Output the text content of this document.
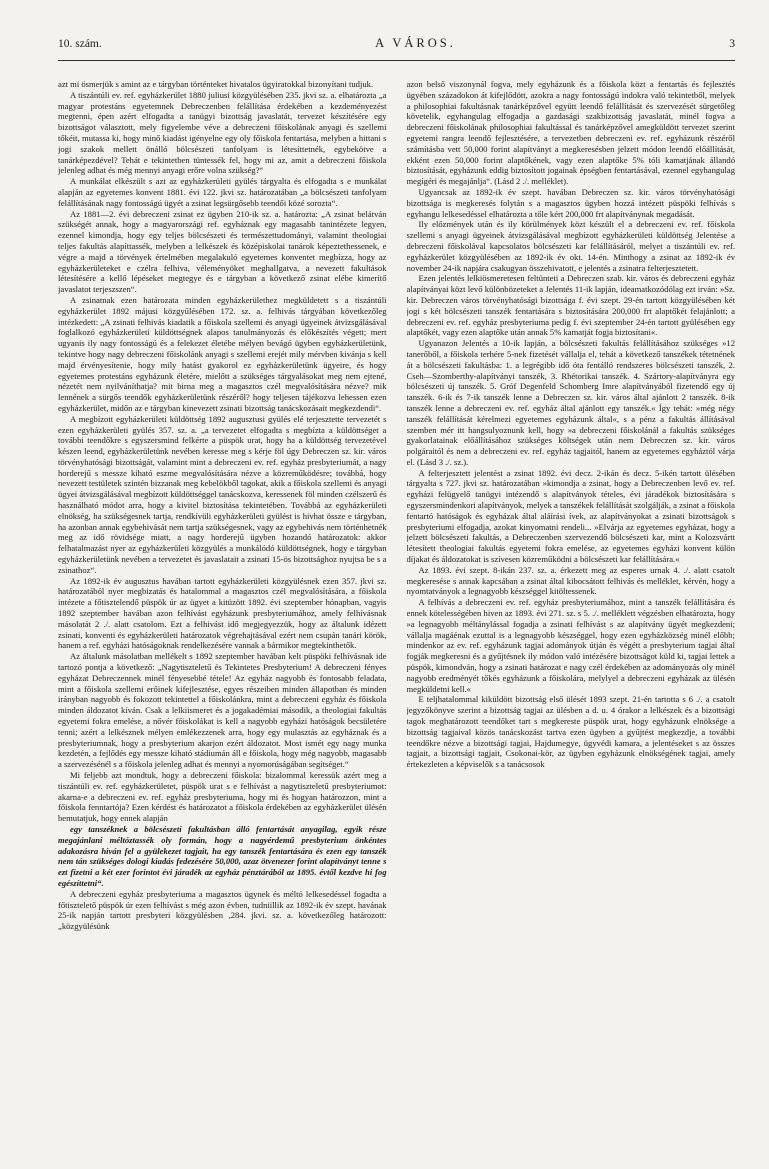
10. szám.	A VÁROS.	3

azt mi ösmerjük s amint az e tárgyban történteket hivatalos ügyiratokkal bizonyítani tudjuk.

A tiszántúli ev. ref. egyházkerület 1880 juliusi közgyülésében 235. jkvi sz. a. elhatározta „a magyar protestáns egyetemnek Debreczenben felállítása érdekében a kezdeményezést megtenni, épen azért elfogadta a tanügyi bizottság javaslatát, tervezet készítésére egy bizottságot választott, mely figyelembe véve a debreczeni főiskolának anyagi és szellemi tőkéit, mutassa ki, hogy minő kiadást igényelne egy oly főiskola fentartása, melyben a hittani s jogi szakok mellett önálló bölcsészeti tanfolyam is létesíttetnék, egybekötve a tanárképezdével? Tehát e tekintetben tüntessék fel, hogy mi az, amit a debreczeni főiskola jelenleg adhat és még mennyi anyagi erőre volna szükség?“

A munkálat elkészült s azt az egyházkerületi gyülés tárgyalta és elfogadta s e munkálat alapján az egyetemes konvent 1881. évi 122. jkvi sz. határozatában „a bölcsészeti tanfolyam felállításának nagy fontosságú ügyét a zsinat legsürgősebb teendői közé sorozta“.

Az 1881—2. évi debreczeni zsinat ez ügyben 210-ik sz. a. határozta: „A zsinat belátván szükségét annak, hogy a magyarországi ref. egyháznak egy magasabb tanintézete legyen, ezennel kimondja, hogy egy teljes bölcsészeti és természettudományi, valamint theologiai teljes fakultás alapíttassék, melyben a lelkészek és középiskolai tanárok képeztethessenek, e végre a majd a törvények értelmében megalakuló egyetemes konventet megbízza, hogy az egyházkerületeket e czélra felhiva, véleményöket meghallgatva, a nevezett fakultások létesítésére a kellő lépéseket megtegye és e tárgyban a következő zsinat elébe kimerítő javaslatot terjeszszen“.

A zsinatnak ezen határozata minden egyházkerülethez megküldetett s a tiszántúli egyházkerület 1892 májusi közgyűlésében 172. sz. a. felhivás tárgyában következőleg intézkedett: „A zsinati felhivás kiadatik a főiskola szellemi és anyagi ügyeinek átvizsgálásával foglalkozó egyházkerületi küldöttségnek alapos tanulmányozás és előkészítés végett; mert ugyanis ily nagy fontosságú és a felekezet életébe mélyen bevágó ügyben egyházkerületünk, tekintve hogy nagy debreczeni főiskolánk anyagi s szellemi erejét mily mérvben kivánja s kell majd érvényesítenie, hogy mily hatást gyakorol ez egyházkerületünk ügyeire, és hogy egyetemes protestáns egyházunk életére, mielőtt a szükséges tárgyalásokat meg nem ejtené, nézetét nem nyilváníthatja? mit birna meg a magasztos czél megvalósítására nézve? mik lennének a sürgős teendők egyházkerületünk részéről? hogy teljesen tájékozva lehessen ezen egyházkerület, midőn az e tárgyban kinevezett zsinati bizottság tanácskozásait megkezdendi“.

A megbízott egyházkerületi küldöttség 1892 augusztusi gyülés elé terjesztette tervezetét s ezen egyházkerületi gyülés 357. sz. a. „a tervezetet elfogadta s megbízta a küldöttséget a további teendőkre s egyszersmind felkérte a püspök urat, hogy ha a küldöttség tervezetével készen leend, egyházkerületünk nevében keresse meg s kérje föl úgy Debreczen sz. kir. város törvényhatósági bizottságát, valamint mint a debreczeni ev. ref. egyház presbyteriumát, a nagy horderejű s messze kiható eszme megvalósítására nézve a közreműködésre; továbbá, hogy nevezett testületek szintén bizzanak meg kebelökből tagokat, akik a főiskola szellemi és anyagi ügyei átvizsgálásával megbízott küldöttséggel tanácskozva, keressenek föl minden czélszerű és használható módot arra, hogy a kivitel biztosítása tekintetében. Továbbá az egyházkerületi elnökség, ha szükségesnek tartja, rendkívüli egyházkerületi gyülést is hivhat össze e tárgyban, ha azonban annak egybehivását nem tartja szükségesnek, vagy az egybehivás nem történhetnék meg az idő rövidsége miatt, a nagy horderejű ügyben hozandó határozatok: akkor felhatalmazást nyer az egyházkerületi közgyülés a munkálódó küldöttségnek, hogy e tárgyban egyházkerületünk nevében a tervezetet és javaslatait a zsinati 15-ös bizottsághoz nyujtsa be s a zsinathoz“.

Az 1892-ik év augusztus havában tartott egyházkerületi közgyülésnek ezen 357. jkvi sz. határozatából nyer megbizatás és hatalommal a magasztos czél megvalósítására, a főiskola intézete a főtisztelendő püspök úr az ügyet a kitüzött 1892. évi szeptember hónapban, vagyis 1892 szeptember havában azon felhívást egyházunk presbyteriumához, amely felhívásnak másolatát 2 ./. alatt csatolom. Ezt a felhivást idő megjegyezzük, hogy az általunk idézett zsinati, konventi és egyházkerületi határozatok végrehajtásával ezért nem csupán tanári körök, hanem a ref. egyházi hatóságoknak rendelkezésére vannak a bármikor megtekinthetők.

Az általunk másolatban mellékelt s 1892 szeptember havában kelt püspöki felhívásnak ide tartozó pontja a következő: „Nagytiszteletű és Tekintetes Presbyterium! A debreczeni fényes egyházat Debreczennek minél fényesebbé tétele! Az egyház nagyobb és fontosabb feladata, mint a főiskola szellemi erőinek kifejlesztése, egyes részeiben minden állapotban és minden irányban nagyobb és fokozott tekintettel a főiskolánkra, mint a debreczeni egyház és főiskola minden áldozatot kíván. Csak a lelkiismeret és a jogakadémiai második, a theologiai fakultás egyetemi fokra emelése, a nővér főiskolákat is kell a nagyobb egyházi hatóságok becsületére tenni; azért a lelkésznek mélyen emlékezzenek arra, hogy egy mulasztás az egyháznak és a presbyteriumnak, hogy a presbyterium akarjon ezért áldozatot. Most ismét egy nagy munka kezdetén, a fejlődés egy messze kiható stádiumán áll e főiskola, hogy még nagyobb, magasabb a szervezésénél s a főiskola jelenleg adhat és mennyi a nyomorúságában segítséget.“

Mi feljebb azt mondtuk, hogy a debreczeni főiskola: bizalommal keressük azért meg a tiszántúli ev. ref. egyházkerületet, püspök urat s e felhívást a nagytiszteletű presbyteriumot: akarna-e a debreczeni ev. ref. egyház presbyteriuma, hogy mi és hogyan határozzon, mint a főiskola fenntartója? Ezen kérdést és határozatot a főiskola érdekében az egyházkerület ülésén bemutatjuk, hogy ennek alapján

egy tanszéknek a bölcsészeti fakultásban álló fentartását anyagilag, egyik része megajánlani méltóztassék oly formán, hogy a nagyérdemű presbyterium önkéntes adakozásra hiván fel a gyülekezet tagjait, ha egy tanszék fentartására és ezen egy tanszék nem tán szükséges dologi kiadás fedezésére 50,000, azaz ötvenezer forint alapítványt tenne s ezt fizetni a két ezer forintot évi járadék az egyház pénztárából az 1895. évtől kezdve hi fog egészíttetni“.

A debreczeni egyház presbyteriuma a magasztos ügynek és méltó lelkesedéssel fogadta a főtisztelető püspök úr ezen felhívást s még azon évben, tudniillik az 1892-ik év szept. havának 25-ik napján tartott presbyteri közgyülésben ,284. jkvi. sz. a. következőleg határozott: „közgyülésünk

azon belső viszonynál fogva, mely egyházunk és a főiskola közt a fentartás és fejlesztés ügyében századokon át kifejlődött, azokra a nagy fontosságú indokra való tekintetből, melyek a philosophiai fakultásnak tanárképzővel együtt leendő felállítását és szervezését sürgetőleg követelik, egyhangulag elfogadja a gazdasági szakbizottság javaslatát, minél fogva a debreczeni főiskolának philosophiai fakultással és tanárképzővel amegküldött tervezet szerint egyetemi rangra leendő fejlesztésére, a tervezetben debreczeni ev. ref. egyházunk részéről számításba vett 50,000 forint alapítványt a megkeresésben jelzett módon leendő előállítását, ekként ezen 50,000 forint alaptőkének, vagy ezen alaptőke 5% tóli kamatjának állandó biztosítását, egyházunk eddig biztosított jogainak épségben fentartásával, ezennel egyhangulag megígéri és megajánlja“. (Lásd 2 ./. melléklet).

Ugyancsak az 1892-ik év szept. havában Debreczen sz. kir. város törvényhatósági bizottsága is megkeresés folytán s a magasztos ügyben hozzá intézett püspöki felhívás s egyhangu lelkesedéssel elhatározta a tőle kért 200,000 frt alapítványnak megadását.

Ily előzmények után és ily körülmények közt készült el a debreczeni ev. ref. főiskola szellemi s anyagi ügyeinek átvizsgálásával megbízott egyházkerületi küldöttség Jelentése a debreczeni főiskolával kapcsolatos bölcsészeti kar felállításáról, melyet a tiszántúli ev. ref. egyházkerület közgyülésében az 1892-ik év okt. 14-én. Minthogy a zsinat az 1892-ik év november 24-ik napjára csakugyan összehivatott, e jelentés a zsinatra felterjesztetett.

Ezen jelentés lelkiösmeretesen feltünteti a Debreczen szab. kir. város és debreczeni egyház alapítványai közt levő különbözeteket a Jelentés 11-ik lapján, ideamatkozódólag ezt irván: »Sz. kir. Debreczen város törvényhatósági bizottsága f. évi szept. 29-én tartott közgyülésében két jogi s két bölcsészeti tanszék fentartására s biztosítására 200,000 frt alaptőkét felajánlott; a debreczeni ev. ref. egyház presbyteriuma pedig f. évi szeptember 24-én tartott gyülésében egy alaptőkét, vagy ezen alaptőke után annak 5% kamatját fogja biztosítani«.

Ugyanazon Jelentés a 10-ik lapján, a bölcsészeti fakultás felállításához szükséges »12 tanerőből, a főiskola terhére 5-nek fizetését vállalja el, tehát a következő tanszékek tétetnének át a bölcsészeti fakultásba: 1. a legrégibb idő óta fentálló rendszeres bölcsészeti tanszék, 2. Cseh—Szomberthy-alapítványi tanszék, 3. Rhétorikai tanszék. 4. Szártory-alapítványra egy bölcsészeti új tanszék. 5. Gróf Degenfeld Schomberg Imre alapítványából fizetendő egy új tanszék. 6-ik és 7-ik tanszék lenne a Debreczen sz. kir. város által ajánlott 2 tanszék. 8-ik tanszék lenne a debreczeni ev. ref. egyház által ajánlott egy tanszék.« Így tehát: »még négy tanszék felállítását kérelmezi egyetemes egyházunk által«, s a pénz a fakultás állításával szemben mér itt hangsulyoznunk kell, hogy »a debreczeni főiskolánál a fakultás szükséges gyakorlatainak előállításához szükséges költségek után nem Debreczen sz. kir. város polgáraitól és nem a debreczeni ev. ref. egyház tagjaitól, hanem az egyetemes egyháztól várja el. (Lásd 3 ./. sz.).

A felterjesztett jelentést a zsinat 1892. évi decz. 2-ikán és decz. 5-ikén tartott ülésében tárgyalta s 727. jkvi sz. határozatában »kimondja a zsinat, hogy a Debreczenben levő ev. ref. egyházi felügyelő tanügyi intézendő s alapítványok tételes, évi járadékok biztosítására s egyszersmindenkori alapítványok, melyek a tanszékek felállítását szolgálják, a zsinat a főiskola fentartó hatóságok és egyházak által aláírási ívek, az alapítványokat a zsinati bizottságok s presbyteriumi elfogadja, azokat kinyomatni rendeli... »Elvárja az egyetemes egyházat, hogy a jelzett bölcsészeti fakultás, a Debreczenben szervezendő bölcsészeti kar, mint a Kolozsvártt létesített theologiai fakultás egyetemi fokra emelése, az egyetemes egyházi konvent külön díjakat és áldozatokat is szívesen közreműködni a bölcsészeti kar felállítására.«

Az 1893. évi szept. 8-ikán 237. sz. a. érkezett meg az esperes urnak 4. ./. alatt csatolt megkeresése s annak kapcsában a zsinat által kibocsátott felhivás és melléklet, kérvén, hogy a nyomtatványok a legnagyobb készséggel kitöltessenek.

A felhívás a debreczeni ev. ref. egyház presbyteriumához, mint a tanszék felállítására és ennek kötelességében hiven az 1893. évi 271. sz. s 5. ./. melléklett végzésben elhatározta, hogy »a legnagyobb méltánylással fogadja a zsinati felhívást s az alapítvány ügyét megkezdeni; vállalja magáénak ezuttal is a legnagyobb készséggel, hogy ezen egyházközség minél előbb; mindenkor az ev. ref. egyházunk tagjai adományok útján és végétt a presbyterium tagjai által fogják megkeresni és a gyűjtésnek ily módon való intézésére bizottságot küld ki, tagjai lettek a püspök, kimondván, hogy a zsinati határozat e nagy czél érdekében az adományozás oly minél nagyobb eredményét tőkés egyházunk a főiskolára, melylyel a debreczeni egyházak az ülésén megküldetni kell.«

E teljhatalommal kiküldött bizottság első ülését 1893 szept. 21-én tartotta s 6 ./. a csatolt jegyzőkönyve szerint a bizottság tagjai az ülésben a d. u. 4 órakor a lelkészek és a bizottsági tagok meghatározott teendőket tart s megkereste püspök urat, hogy egyházunk elnöksége a bizottság tagjaival közös tanácskozást tartva ezen ügyben a gyűjtést megkezdje, a további teendőkre nézve a bizottsági tagjai, Hajdumegye, ügyvédi kamara, a jelentéseket s az összes tagjait, a bizottsági tagjait, Csokonai-kör, az ügyben egyházunk elnökségének tagjai, amely értekezleten a képviselők s a tanácsosok
